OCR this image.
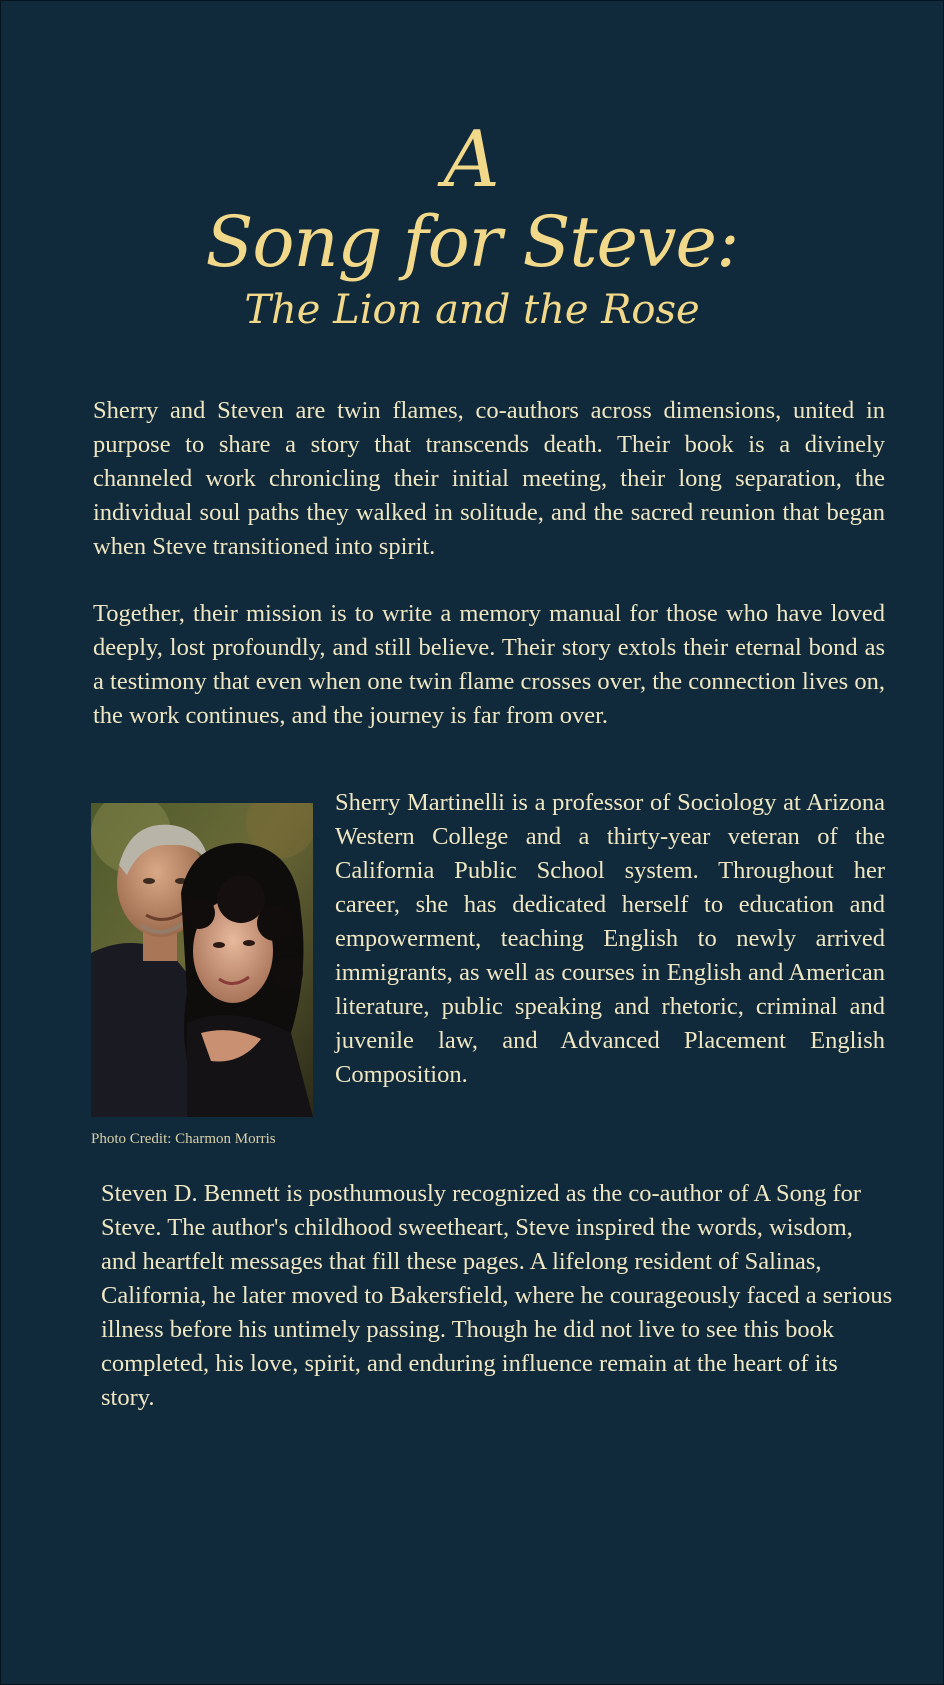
A
Song for Steve:
The Lion and the Rose

Sherry and Steven are twin flames, co-authors across dimensions, united in purpose to share a story that transcends death. Their book is a divinely channeled work chronicling their initial meeting, their long separation, the individual soul paths they walked in solitude, and the sacred reunion that began when Steve transitioned into spirit.

Together, their mission is to write a memory manual for those who have loved deeply, lost profoundly, and still believe. Their story extols their eternal bond as a testimony that even when one twin flame crosses over, the connection lives on, the work continues, and the journey is far from over.

Sherry Martinelli is a professor of Sociology at Arizona Western College and a thirty-year veteran of the California Public School system. Throughout her career, she has dedicated herself to education and empowerment, teaching English to newly arrived immigrants, as well as courses in English and American literature, public speaking and rhetoric, criminal and juvenile law, and Advanced Placement English Composition.

Photo Credit: Charmon Morris

Steven D. Bennett is posthumously recognized as the co-author of A Song for Steve. The author's childhood sweetheart, Steve inspired the words, wisdom, and heartfelt messages that fill these pages. A lifelong resident of Salinas, California, he later moved to Bakersfield, where he courageously faced a serious illness before his untimely passing. Though he did not live to see this book completed, his love, spirit, and enduring influence remain at the heart of its story.
